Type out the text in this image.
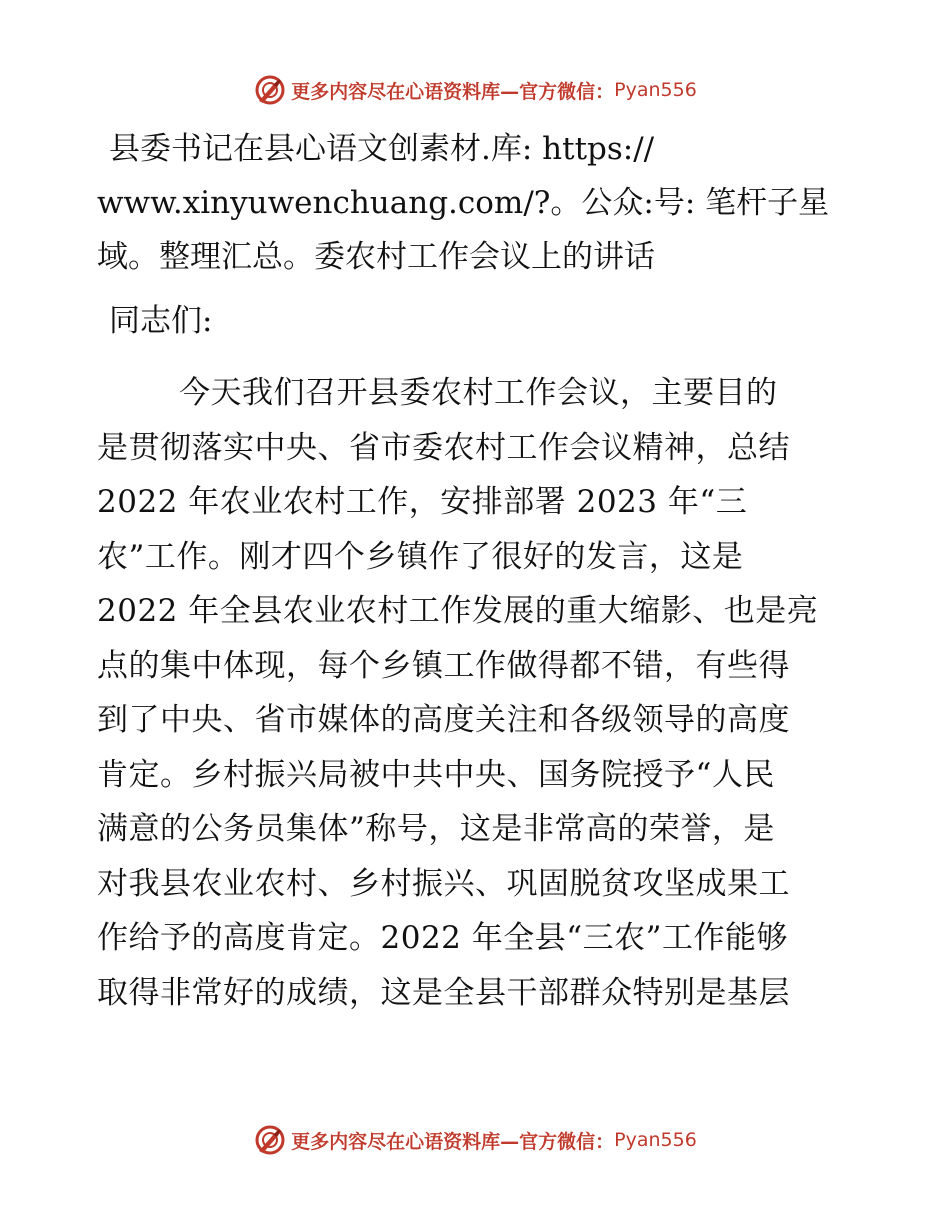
更多内容尽在心语资料库—官方微信： Pyan556
县委书记在县心语文创素材.库: https://
www.xinyuwenchuang.com/?。公众:号: 笔杆子星
域。整理汇总。委农村工作会议上的讲话
同志们:
今天我们召开县委农村工作会议，主要目的
是贯彻落实中央、省市委农村工作会议精神，总结
2022 年农业农村工作，安排部署 2023 年“三
农”工作。刚才四个乡镇作了很好的发言，这是
2022 年全县农业农村工作发展的重大缩影、也是亮
点的集中体现，每个乡镇工作做得都不错，有些得
到了中央、省市媒体的高度关注和各级领导的高度
肯定。乡村振兴局被中共中央、国务院授予“人民
满意的公务员集体”称号，这是非常高的荣誉，是
对我县农业农村、乡村振兴、巩固脱贫攻坚成果工
作给予的高度肯定。2022 年全县“三农”工作能够
取得非常好的成绩，这是全县干部群众特别是基层
更多内容尽在心语资料库—官方微信： Pyan556
